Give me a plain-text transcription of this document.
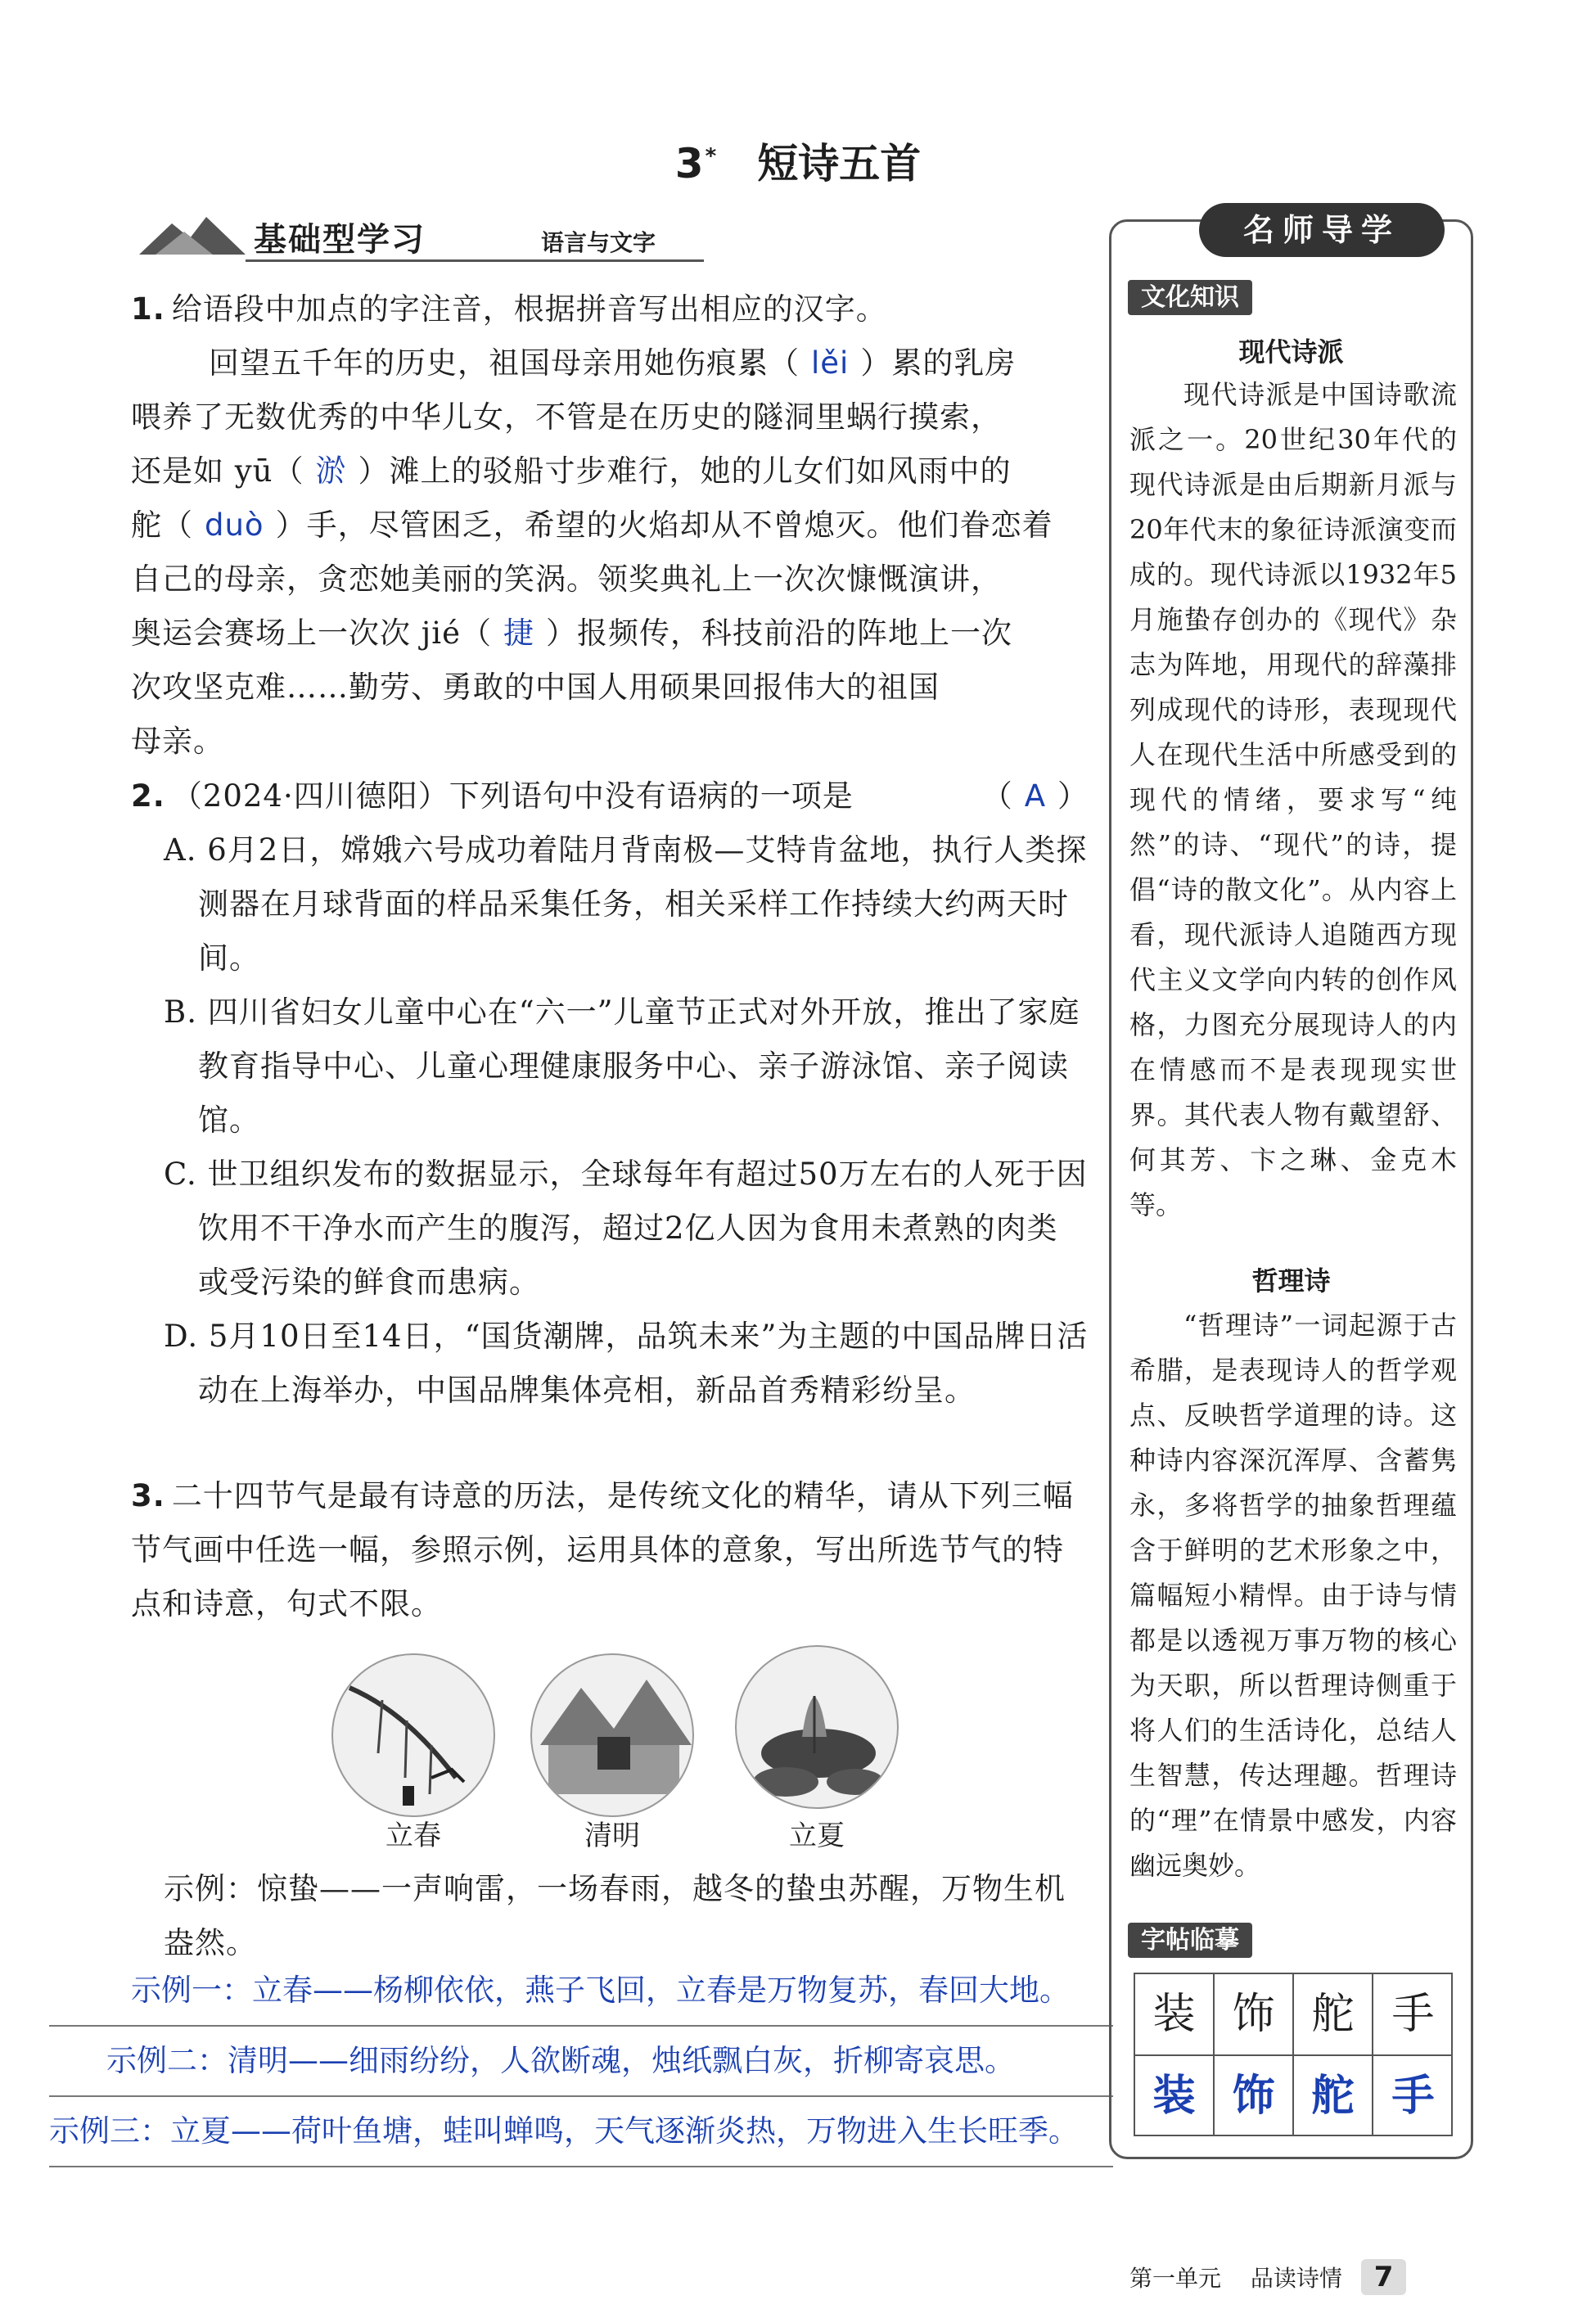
3* 短诗五首
基础型学习	语言与文字
1. 给语段中加点的字注音，根据拼音写出相应的汉字。
回望五千年的历史，祖国母亲用她伤痕累（ lěi ）累的乳房
喂养了无数优秀的中华儿女，不管是在历史的隧洞里蜗行摸索，
还是如 yū（ 淤 ）滩上的驳船寸步难行，她的儿女们如风雨中的
舵（ duò ）手，尽管困乏，希望的火焰却从不曾熄灭。他们眷恋着
自己的母亲，贪恋她美丽的笑涡。领奖典礼上一次次慷慨演讲，
奥运会赛场上一次次 jié（ 捷 ）报频传，科技前沿的阵地上一次
次攻坚克难……勤劳、勇敢的中国人用硕果回报伟大的祖国
母亲。
2. （2024·四川德阳）下列语句中没有语病的一项是	（ A ）
A. 6月2日，嫦娥六号成功着陆月背南极—艾特肯盆地，执行人类探测器在月球背面的样品采集任务，相关采样工作持续大约两天时间。
B. 四川省妇女儿童中心在“六一”儿童节正式对外开放，推出了家庭教育指导中心、儿童心理健康服务中心、亲子游泳馆、亲子阅读馆。
C. 世卫组织发布的数据显示，全球每年有超过50万左右的人死于因饮用不干净水而产生的腹泻，超过2亿人因为食用未煮熟的肉类或受污染的鲜食而患病。
D. 5月10日至14日，“国货潮牌，品筑未来”为主题的中国品牌日活动在上海举办，中国品牌集体亮相，新品首秀精彩纷呈。
3. 二十四节气是最有诗意的历法，是传统文化的精华，请从下列三幅节气画中任选一幅，参照示例，运用具体的意象，写出所选节气的特点和诗意，句式不限。
立春	清明	立夏
示例：惊蛰——一声响雷，一场春雨，越冬的蛰虫苏醒，万物生机盎然。
示例一：立春——杨柳依依，燕子飞回，立春是万物复苏，春回大地。
示例二：清明——细雨纷纷，人欲断魂，烛纸飘白灰，折柳寄哀思。
示例三：立夏——荷叶鱼塘，蛙叫蝉鸣，天气逐渐炎热，万物进入生长旺季。
名师导学
文化知识
现代诗派
现代诗派是中国诗歌流派之一。20世纪30年代的现代诗派是由后期新月派与20年代末的象征诗派演变而成的。现代诗派以1932年5月施蛰存创办的《现代》杂志为阵地，用现代的辞藻排列成现代的诗形，表现现代人在现代生活中所感受到的现代的情绪，要求写“纯然”的诗、“现代”的诗，提倡“诗的散文化”。从内容上看，现代派诗人追随西方现代主义文学向内转的创作风格，力图充分展现诗人的内在情感而不是表现现实世界。其代表人物有戴望舒、何其芳、卞之琳、金克木等。
哲理诗
“哲理诗”一词起源于古希腊，是表现诗人的哲学观点、反映哲学道理的诗。这种诗内容深沉浑厚、含蓄隽永，多将哲学的抽象哲理蕴含于鲜明的艺术形象之中，篇幅短小精悍。由于诗与情都是以透视万事万物的核心为天职，所以哲理诗侧重于将人们的生活诗化，总结人生智慧，传达理趣。哲理诗的“理”在情景中感发，内容幽远奥妙。
字帖临摹
装 饰 舵 手
装 饰 舵 手
第一单元 品读诗情 7
